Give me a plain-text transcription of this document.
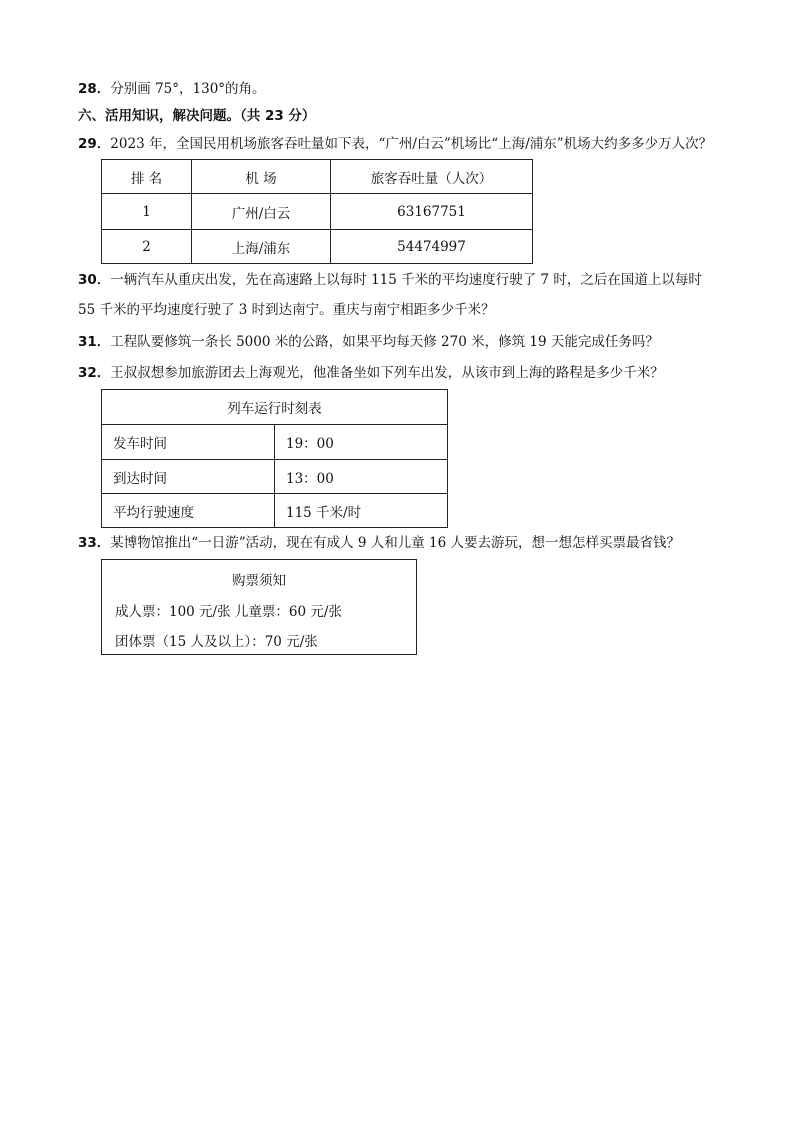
28．分别画 75°，130°的角。
六、活用知识，解决问题。（共 23 分）
29．2023 年，全国民用机场旅客吞吐量如下表，“广州/白云”机场比“上海/浦东”机场大约多多少万人次？
排 名	机 场	旅客吞吐量（人次）
1	广州/白云	63167751
2	上海/浦东	54474997
30．一辆汽车从重庆出发，先在高速路上以每时 115 千米的平均速度行驶了 7 时，之后在国道上以每时
55 千米的平均速度行驶了 3 时到达南宁。重庆与南宁相距多少千米？
31．工程队要修筑一条长 5000 米的公路，如果平均每天修 270 米，修筑 19 天能完成任务吗？
32．王叔叔想参加旅游团去上海观光，他准备坐如下列车出发，从该市到上海的路程是多少千米？
列车运行时刻表	
发车时间	19：00
到达时间	13：00
平均行驶速度	115 千米/时
33．某博物馆推出“一日游”活动，现在有成人 9 人和儿童 16 人要去游玩，想一想怎样买票最省钱？
购票须知
成人票：100 元/张 儿童票：60 元/张
团体票（15 人及以上）：70 元/张
